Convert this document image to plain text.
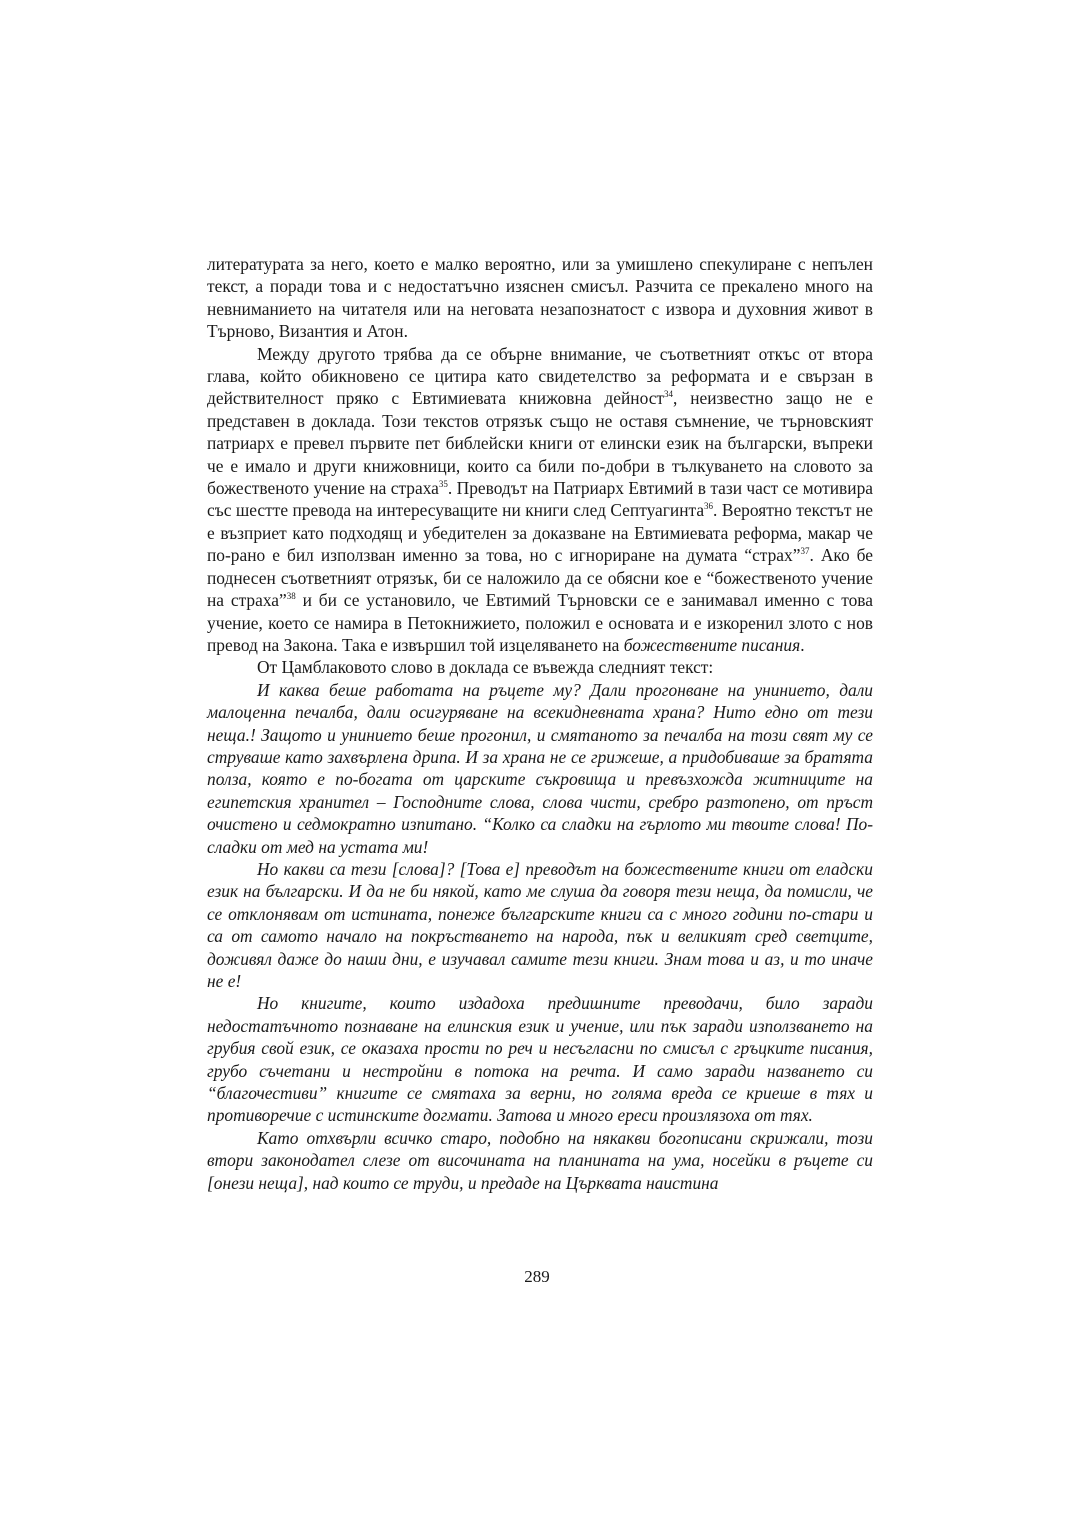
литературата за него, което е малко вероятно, или за умишлено спекулиране с непълен текст, а поради това и с недостатъчно изяснен смисъл. Разчита се прекалено много на невниманието на читателя или на неговата незапознатост с извора и духовния живот в Търново, Византия и Атон.

Между другото трябва да се обърне внимание, че съответният откъс от втора глава, който обикновено се цитира като свидетелство за реформата и е свързан в действителност пряко с Евтимиевата книжовна дейност$^{34}$, неизвестно защо не е представен в доклада. Този текстов отрязък също не оставя съмнение, че търновският патриарх е превел първите пет библейски книги от елински език на български, въпреки че е имало и други книжовници, които са били по-добри в тълкуването на словото за божественото учение на страха$^{35}$. Преводът на Патриарх Евтимий в тази част се мотивира със шестте превода на интересуващите ни книги след Септуагинта$^{36}$. Вероятно текстът не е възприет като подходящ и убедителен за доказване на Евтимиевата реформа, макар че по-рано е бил използван именно за това, но с игнориране на думата “страх”$^{37}$. Ако бе поднесен съответният отрязък, би се наложило да се обясни кое е “божественото учение на страха”$^{38}$ и би се установило, че Евтимий Търновски се е занимавал именно с това учение, което се намира в Петокнижието, положил е основата и е изкоренил злото с нов превод на Закона. Така е извършил той изцеляването на божествените писания.

От Цамблаковото слово в доклада се въвежда следният текст:

И каква беше работата на ръцете му? Дали прогонване на унинието, дали малоценна печалба, дали осигуряване на всекидневната храна? Нито едно от тези неща.! Защото и унинието беше прогонил, и смятаното за печалба на този свят му се струваше като захвърлена дрипа. И за храна не се грижеше, а придобиваше за братята полза, която е по-богата от царските съкровища и превъзхожда житниците на египетския хранител – Господните слова, слова чисти, сребро разтопено, от пръст очистено и седмократно изпитано. “Колко са сладки на гърлото ми твоите слова! По-сладки от мед на устата ми!

Но какви са тези [слова]? [Това е] преводът на божествените книги от еладски език на български. И да не би някой, като ме слуша да говоря тези неща, да помисли, че се отклонявам от истината, понеже българските книги са с много години по-стари и са от самото начало на покръстването на народа, пък и великият сред светците, доживял даже до наши дни, е изучавал самите тези книги. Знам това и аз, и то иначе не е!

Но книгите, които издадоха предишните преводачи, било заради недостатъчното познаване на елинския език и учение, или пък заради използването на грубия свой език, се оказаха прости по реч и несъгласни по смисъл с гръцките писания, грубо съчетани и нестройни в потока на речта. И само заради назването си “благочестиви” книгите се смятаха за верни, но голяма вреда се криеше в тях и противоречие с истинските догмати. Затова и много ереси произлязоха от тях.

Като отхвърли всичко старо, подобно на някакви богописани скрижали, този втори законодател слезе от височината на планината на ума, носейки в ръцете си [онези неща], над които се труди, и предаде на Църквата наистина

289
